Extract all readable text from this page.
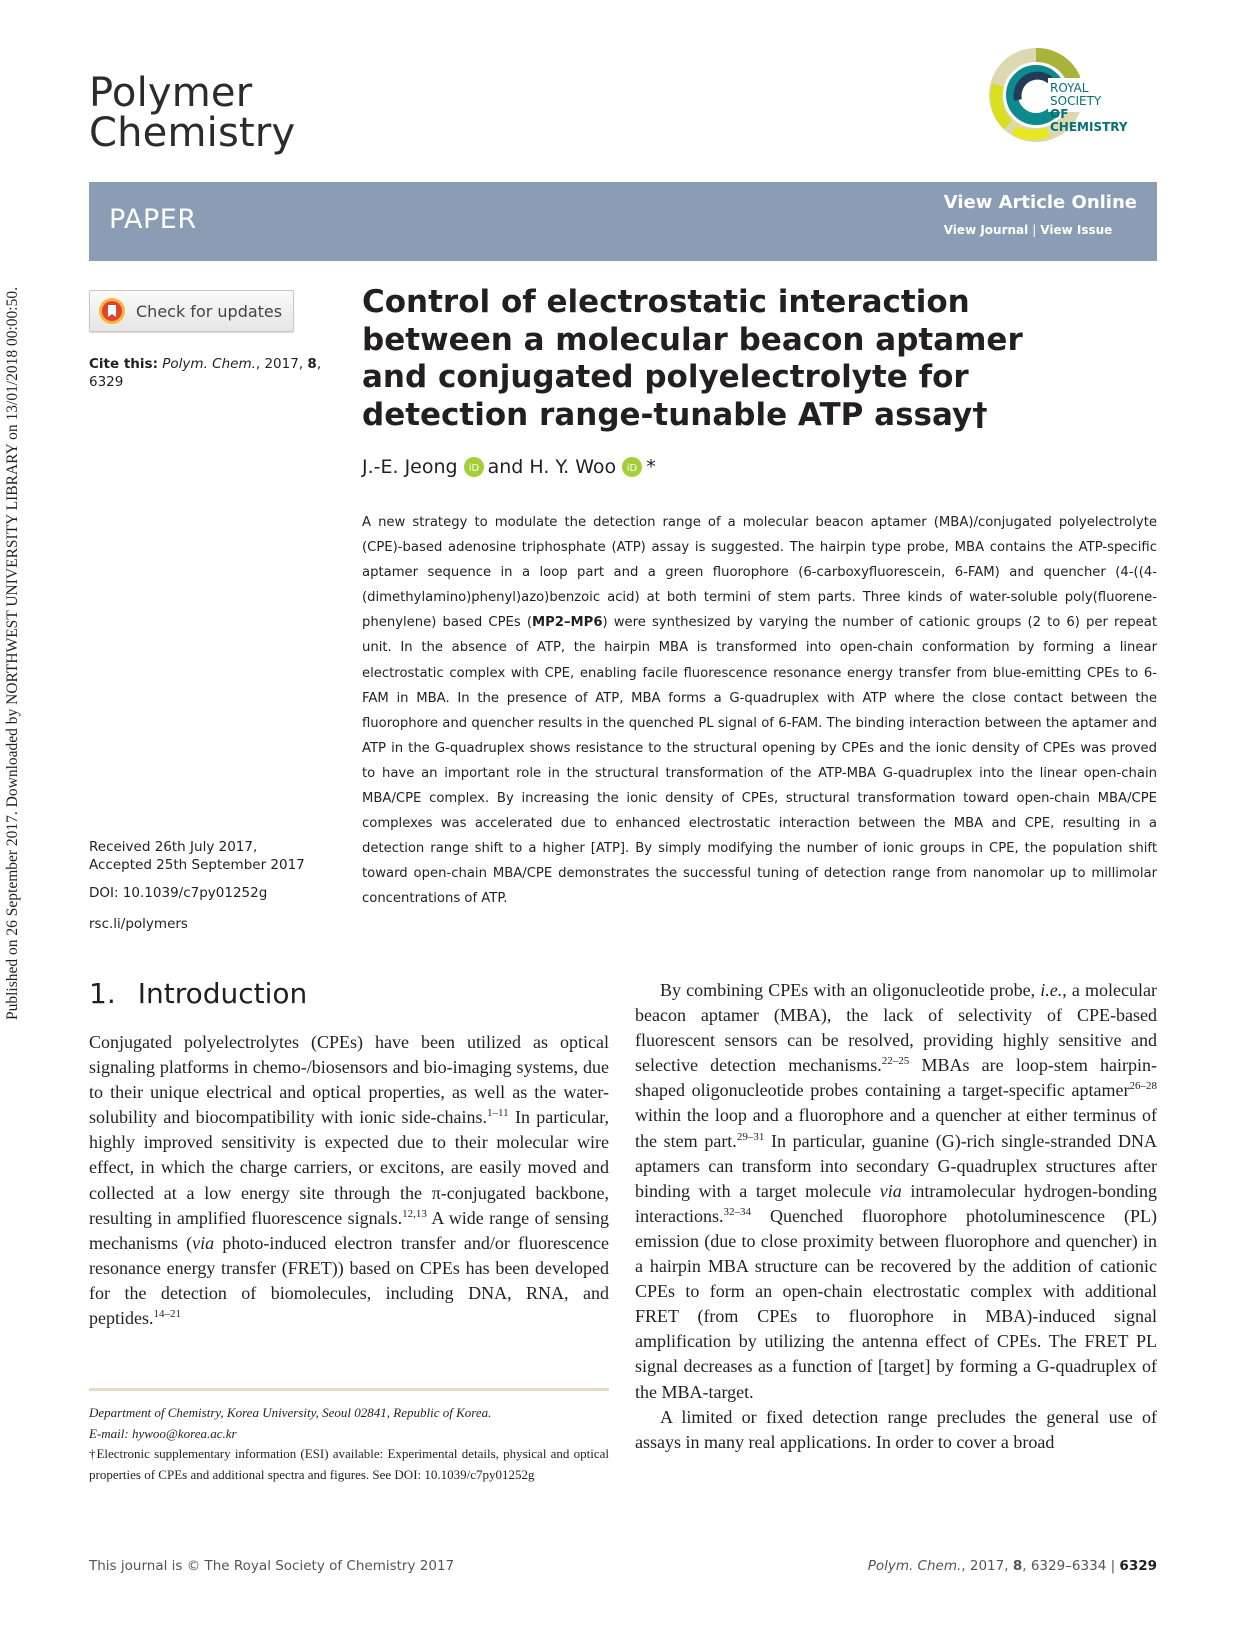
Published on 26 September 2017. Downloaded by NORTHWEST UNIVERSITY LIBRARY on 13/01/2018 00:00:50.
Polymer
Chemistry
ROYAL SOCIETY
OF CHEMISTRY
PAPER
View Article Online
View Journal | View Issue
Check for updates
Cite this: Polym. Chem., 2017, 8, 6329
Received 26th July 2017,
Accepted 25th September 2017
DOI: 10.1039/c7py01252g
rsc.li/polymers
Control of electrostatic interaction between a molecular beacon aptamer and conjugated polyelectrolyte for detection range-tunable ATP assay†
J.-E. Jeong iD and H. Y. Woo iD *

A new strategy to modulate the detection range of a molecular beacon aptamer (MBA)/conjugated polyelectrolyte (CPE)-based adenosine triphosphate (ATP) assay is suggested. The hairpin type probe, MBA contains the ATP-specific aptamer sequence in a loop part and a green fluorophore (6-carboxyfluorescein, 6-FAM) and quencher (4-((4-(dimethylamino)phenyl)azo)benzoic acid) at both termini of stem parts. Three kinds of water-soluble poly(fluorene-phenylene) based CPEs (MP2–MP6) were synthesized by varying the number of cationic groups (2 to 6) per repeat unit. In the absence of ATP, the hairpin MBA is transformed into open-chain conformation by forming a linear electrostatic complex with CPE, enabling facile fluorescence resonance energy transfer from blue-emitting CPEs to 6-FAM in MBA. In the presence of ATP, MBA forms a G-quadruplex with ATP where the close contact between the fluorophore and quencher results in the quenched PL signal of 6-FAM. The binding interaction between the aptamer and ATP in the G-quadruplex shows resistance to the structural opening by CPEs and the ionic density of CPEs was proved to have an important role in the structural transformation of the ATP-MBA G-quadruplex into the linear open-chain MBA/CPE complex. By increasing the ionic density of CPEs, structural transformation toward open-chain MBA/CPE complexes was accelerated due to enhanced electrostatic interaction between the MBA and CPE, resulting in a detection range shift to a higher [ATP]. By simply modifying the number of ionic groups in CPE, the population shift toward open-chain MBA/CPE demonstrates the successful tuning of detection range from nanomolar up to millimolar concentrations of ATP.

1. Introduction

Conjugated polyelectrolytes (CPEs) have been utilized as optical signaling platforms in chemo-/biosensors and bio-imaging systems, due to their unique electrical and optical properties, as well as the water-solubility and biocompatibility with ionic side-chains.$^{1-11}$ In particular, highly improved sensitivity is expected due to their molecular wire effect, in which the charge carriers, or excitons, are easily moved and collected at a low energy site through the π-conjugated backbone, resulting in amplified fluorescence signals.$^{12,13}$ A wide range of sensing mechanisms (via photo-induced electron transfer and/or fluorescence resonance energy transfer (FRET)) based on CPEs has been developed for the detection of biomolecules, including DNA, RNA, and peptides.$^{14-21}$

Department of Chemistry, Korea University, Seoul 02841, Republic of Korea.

E-mail: hywoo@korea.ac.kr

†Electronic supplementary information (ESI) available: Experimental details, physical and optical properties of CPEs and additional spectra and figures. See DOI: 10.1039/c7py01252g

By combining CPEs with an oligonucleotide probe, i.e., a molecular beacon aptamer (MBA), the lack of selectivity of CPE-based fluorescent sensors can be resolved, providing highly sensitive and selective detection mechanisms.$^{22-25}$ MBAs are loop-stem hairpin-shaped oligonucleotide probes containing a target-specific aptamer$^{26-28}$ within the loop and a fluorophore and a quencher at either terminus of the stem part.$^{29-31}$ In particular, guanine (G)-rich single-stranded DNA aptamers can transform into secondary G-quadruplex structures after binding with a target molecule via intramolecular hydrogen-bonding interactions.$^{32-34}$ Quenched fluorophore photoluminescence (PL) emission (due to close proximity between fluorophore and quencher) in a hairpin MBA structure can be recovered by the addition of cationic CPEs to form an open-chain electrostatic complex with additional FRET (from CPEs to fluorophore in MBA)-induced signal amplification by utilizing the antenna effect of CPEs. The FRET PL signal decreases as a function of [target] by forming a G-quadruplex of the MBA-target.

A limited or fixed detection range precludes the general use of assays in many real applications. In order to cover a broad

This journal is © The Royal Society of Chemistry 2017	Polym. Chem., 2017, 8, 6329–6334 | 6329
